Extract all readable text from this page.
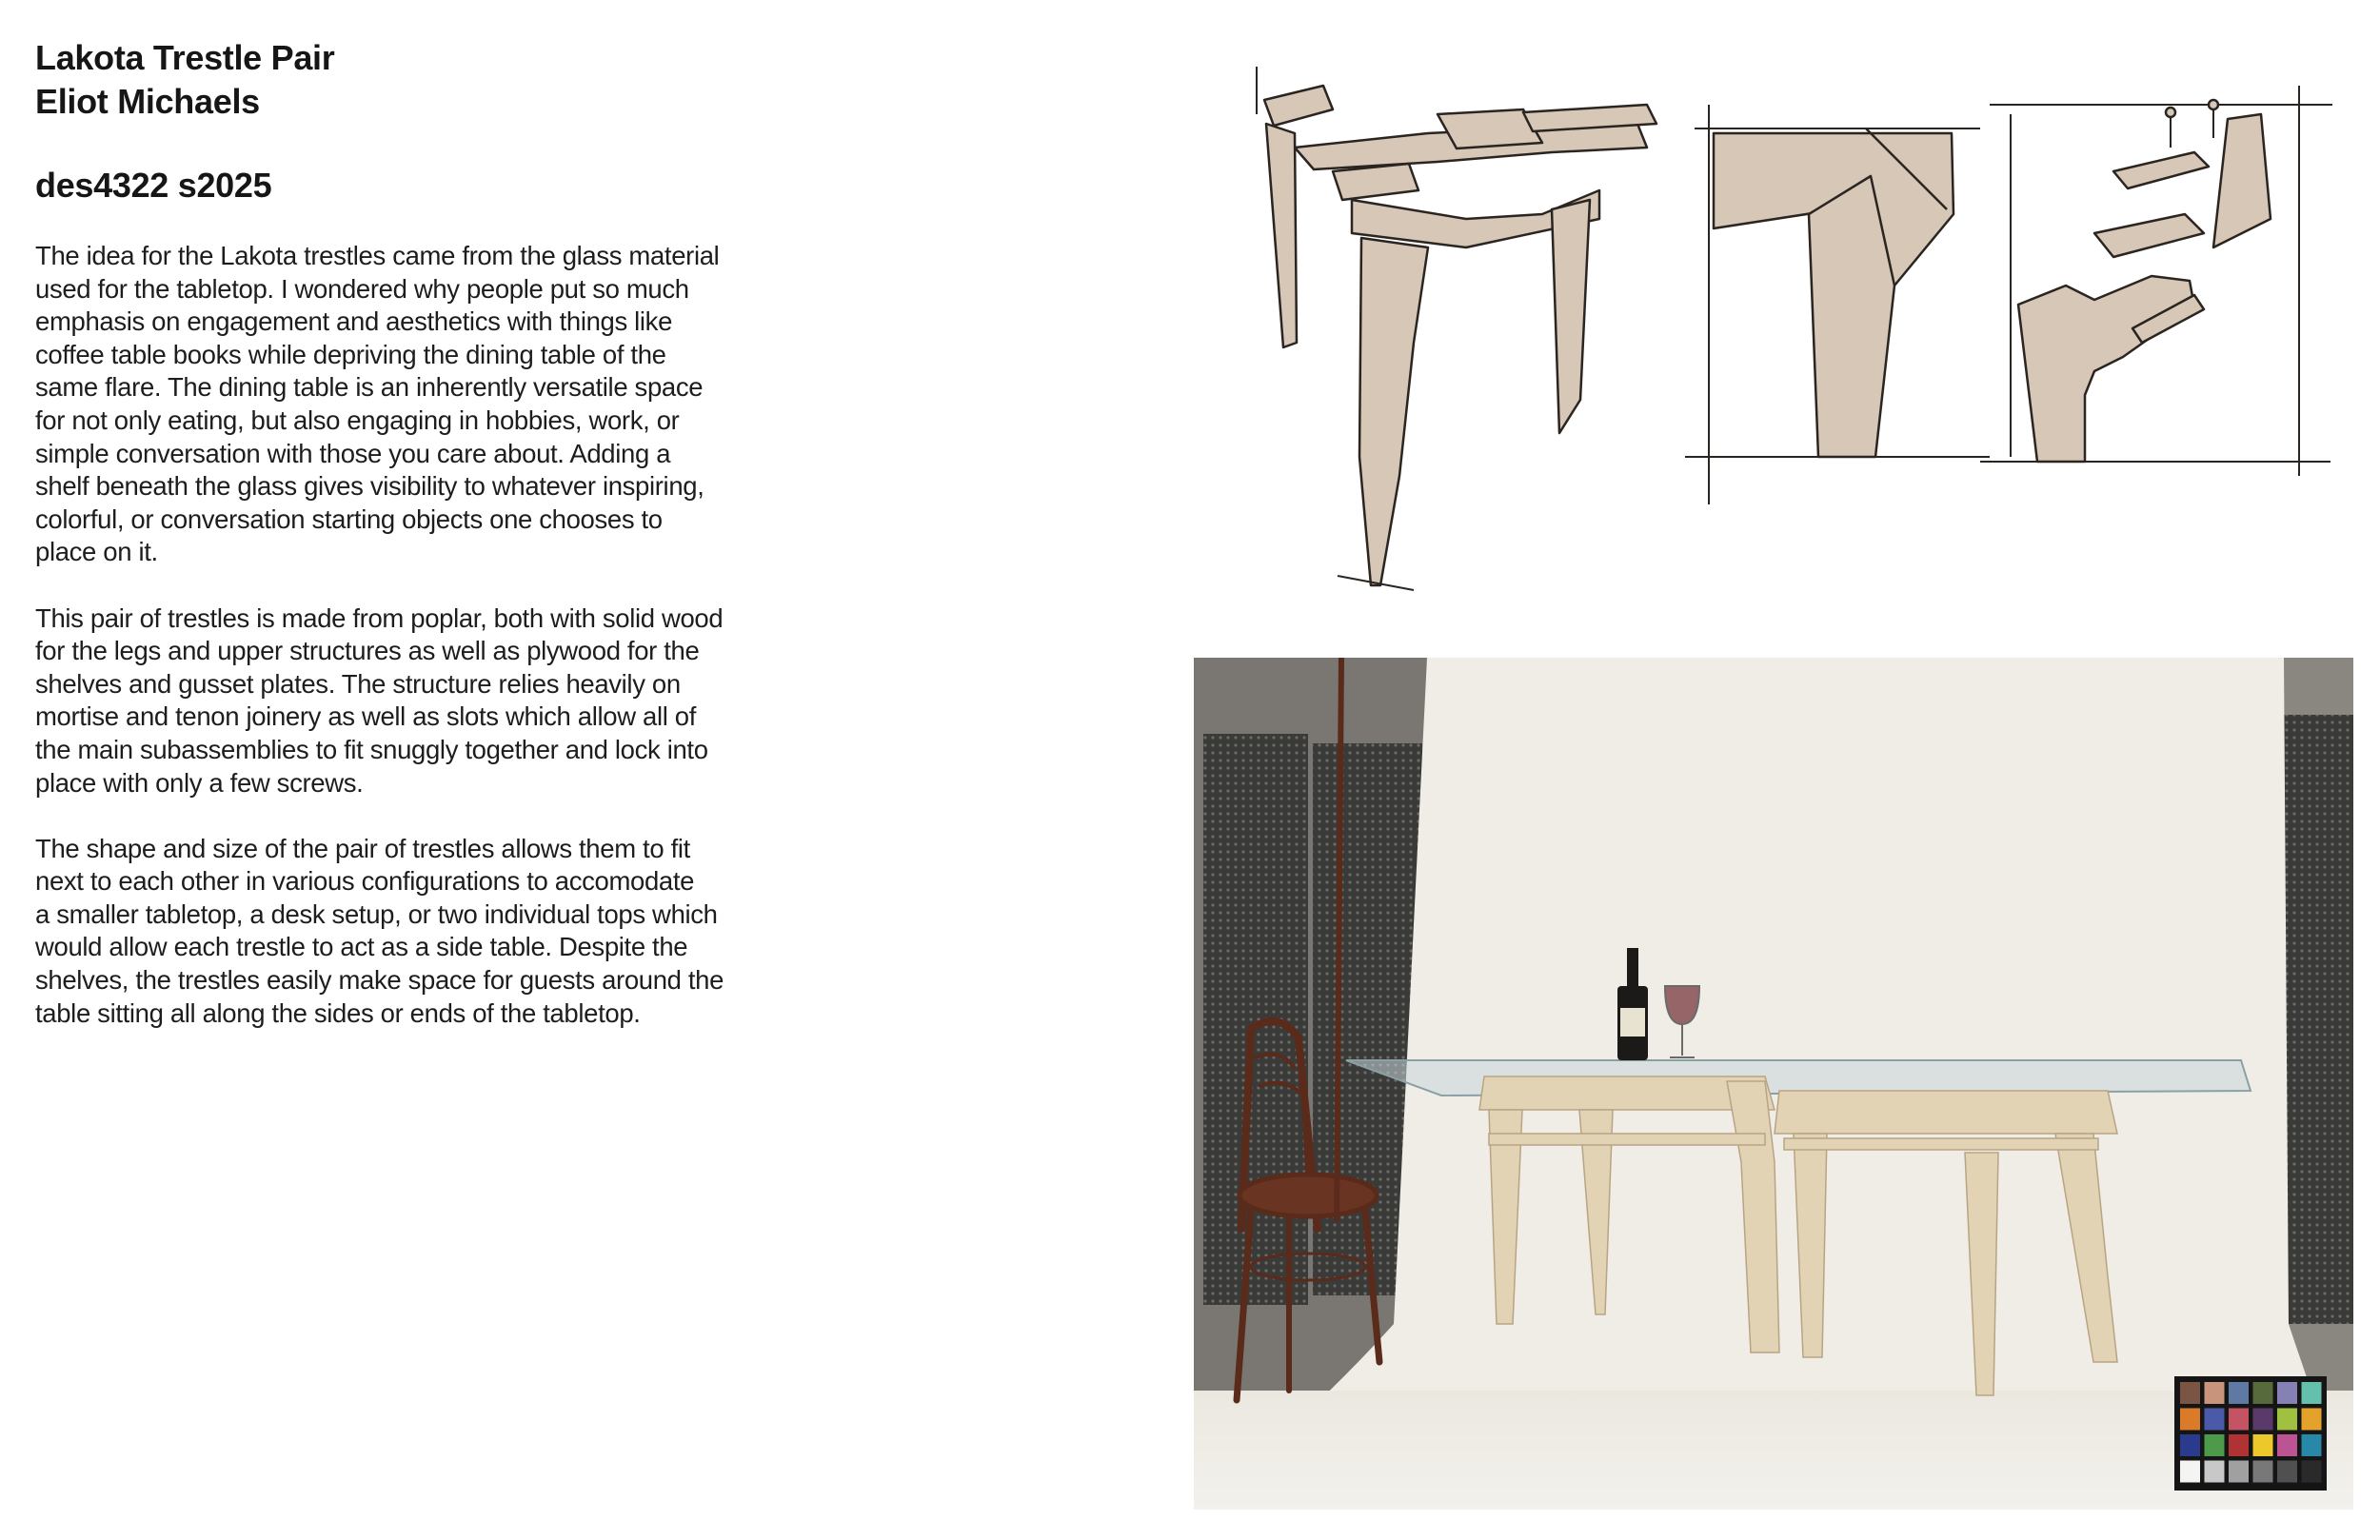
Lakota Trestle Pair
Eliot Michaels
des4322 s2025

The idea for the Lakota trestles came from the glass material
used for the tabletop. I wondered why people put so much
emphasis on engagement and aesthetics with things like
coffee table books while depriving the dining table of the
same flare. The dining table is an inherently versatile space
for not only eating, but also engaging in hobbies, work, or
simple conversation with those you care about. Adding a
shelf beneath the glass gives visibility to whatever inspiring,
colorful, or conversation starting objects one chooses to
place on it.

This pair of trestles is made from poplar, both with solid wood
for the legs and upper structures as well as plywood for the
shelves and gusset plates. The structure relies heavily on
mortise and tenon joinery as well as slots which allow all of
the main subassemblies to fit snuggly together and lock into
place with only a few screws.

The shape and size of the pair of trestles allows them to fit
next to each other in various configurations to accomodate
a smaller tabletop, a desk setup, or two individual tops which
would allow each trestle to act as a side table. Despite the
shelves, the trestles easily make space for guests around the
table sitting all along the sides or ends of the tabletop.
